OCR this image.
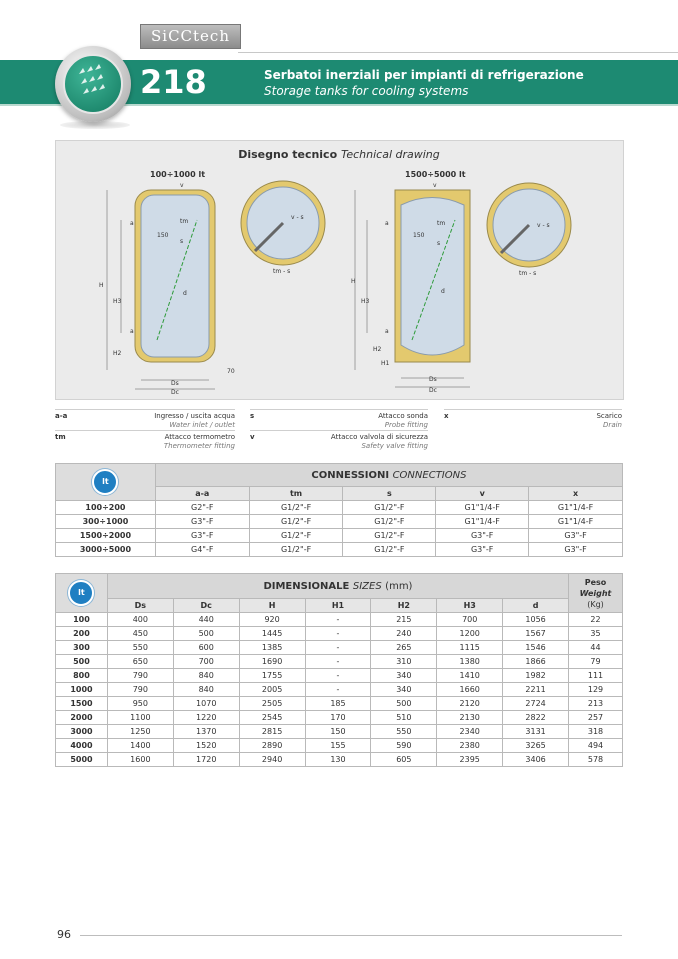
SiCCtech
218	Serbatoi inerziali per impianti di refrigerazione
Storage tanks for cooling systems
Disegno tecnico Technical drawing
100÷1000 lt	1500÷5000 lt
d
v
a
a
tm
s
150
H
H3
H2
70
Ds
Dc
v - s
tm - s
d
v
a
a
tm
s
150
H
H3
H2
H1
Ds
Dc
v - s
tm - s
a-a	Ingresso / uscita acqua
Water inlet / outlet
s	Attacco sonda
Probe fitting
x	Scarico
Drain
tm	Attacco termometro
Thermometer fitting
v	Attacco valvola di sicurezza
Safety valve fitting
lt	CONNESSIONI CONNECTIONS				
	a-a	tm	s	v	x
100÷200	G2"-F	G1/2"-F	G1/2"-F	G1"1/4-F	G1"1/4-F
300÷1000	G3"-F	G1/2"-F	G1/2"-F	G1"1/4-F	G1"1/4-F
1500÷2000	G3"-F	G1/2"-F	G1/2"-F	G3"-F	G3"-F
3000÷5000	G4"-F	G1/2"-F	G1/2"-F	G3"-F	G3"-F
lt	DIMENSIONALE SIZES (mm)							Peso
Weight
(Kg)

	Ds	Dc	H	H1	H2	H3	d	
100	400	440	920	-	215	700	1056	22
200	450	500	1445	-	240	1200	1567	35
300	550	600	1385	-	265	1115	1546	44
500	650	700	1690	-	310	1380	1866	79
800	790	840	1755	-	340	1410	1982	111
1000	790	840	2005	-	340	1660	2211	129
1500	950	1070	2505	185	500	2120	2724	213
2000	1100	1220	2545	170	510	2130	2822	257
3000	1250	1370	2815	150	550	2340	3131	318
4000	1400	1520	2890	155	590	2380	3265	494
5000	1600	1720	2940	130	605	2395	3406	578
96
